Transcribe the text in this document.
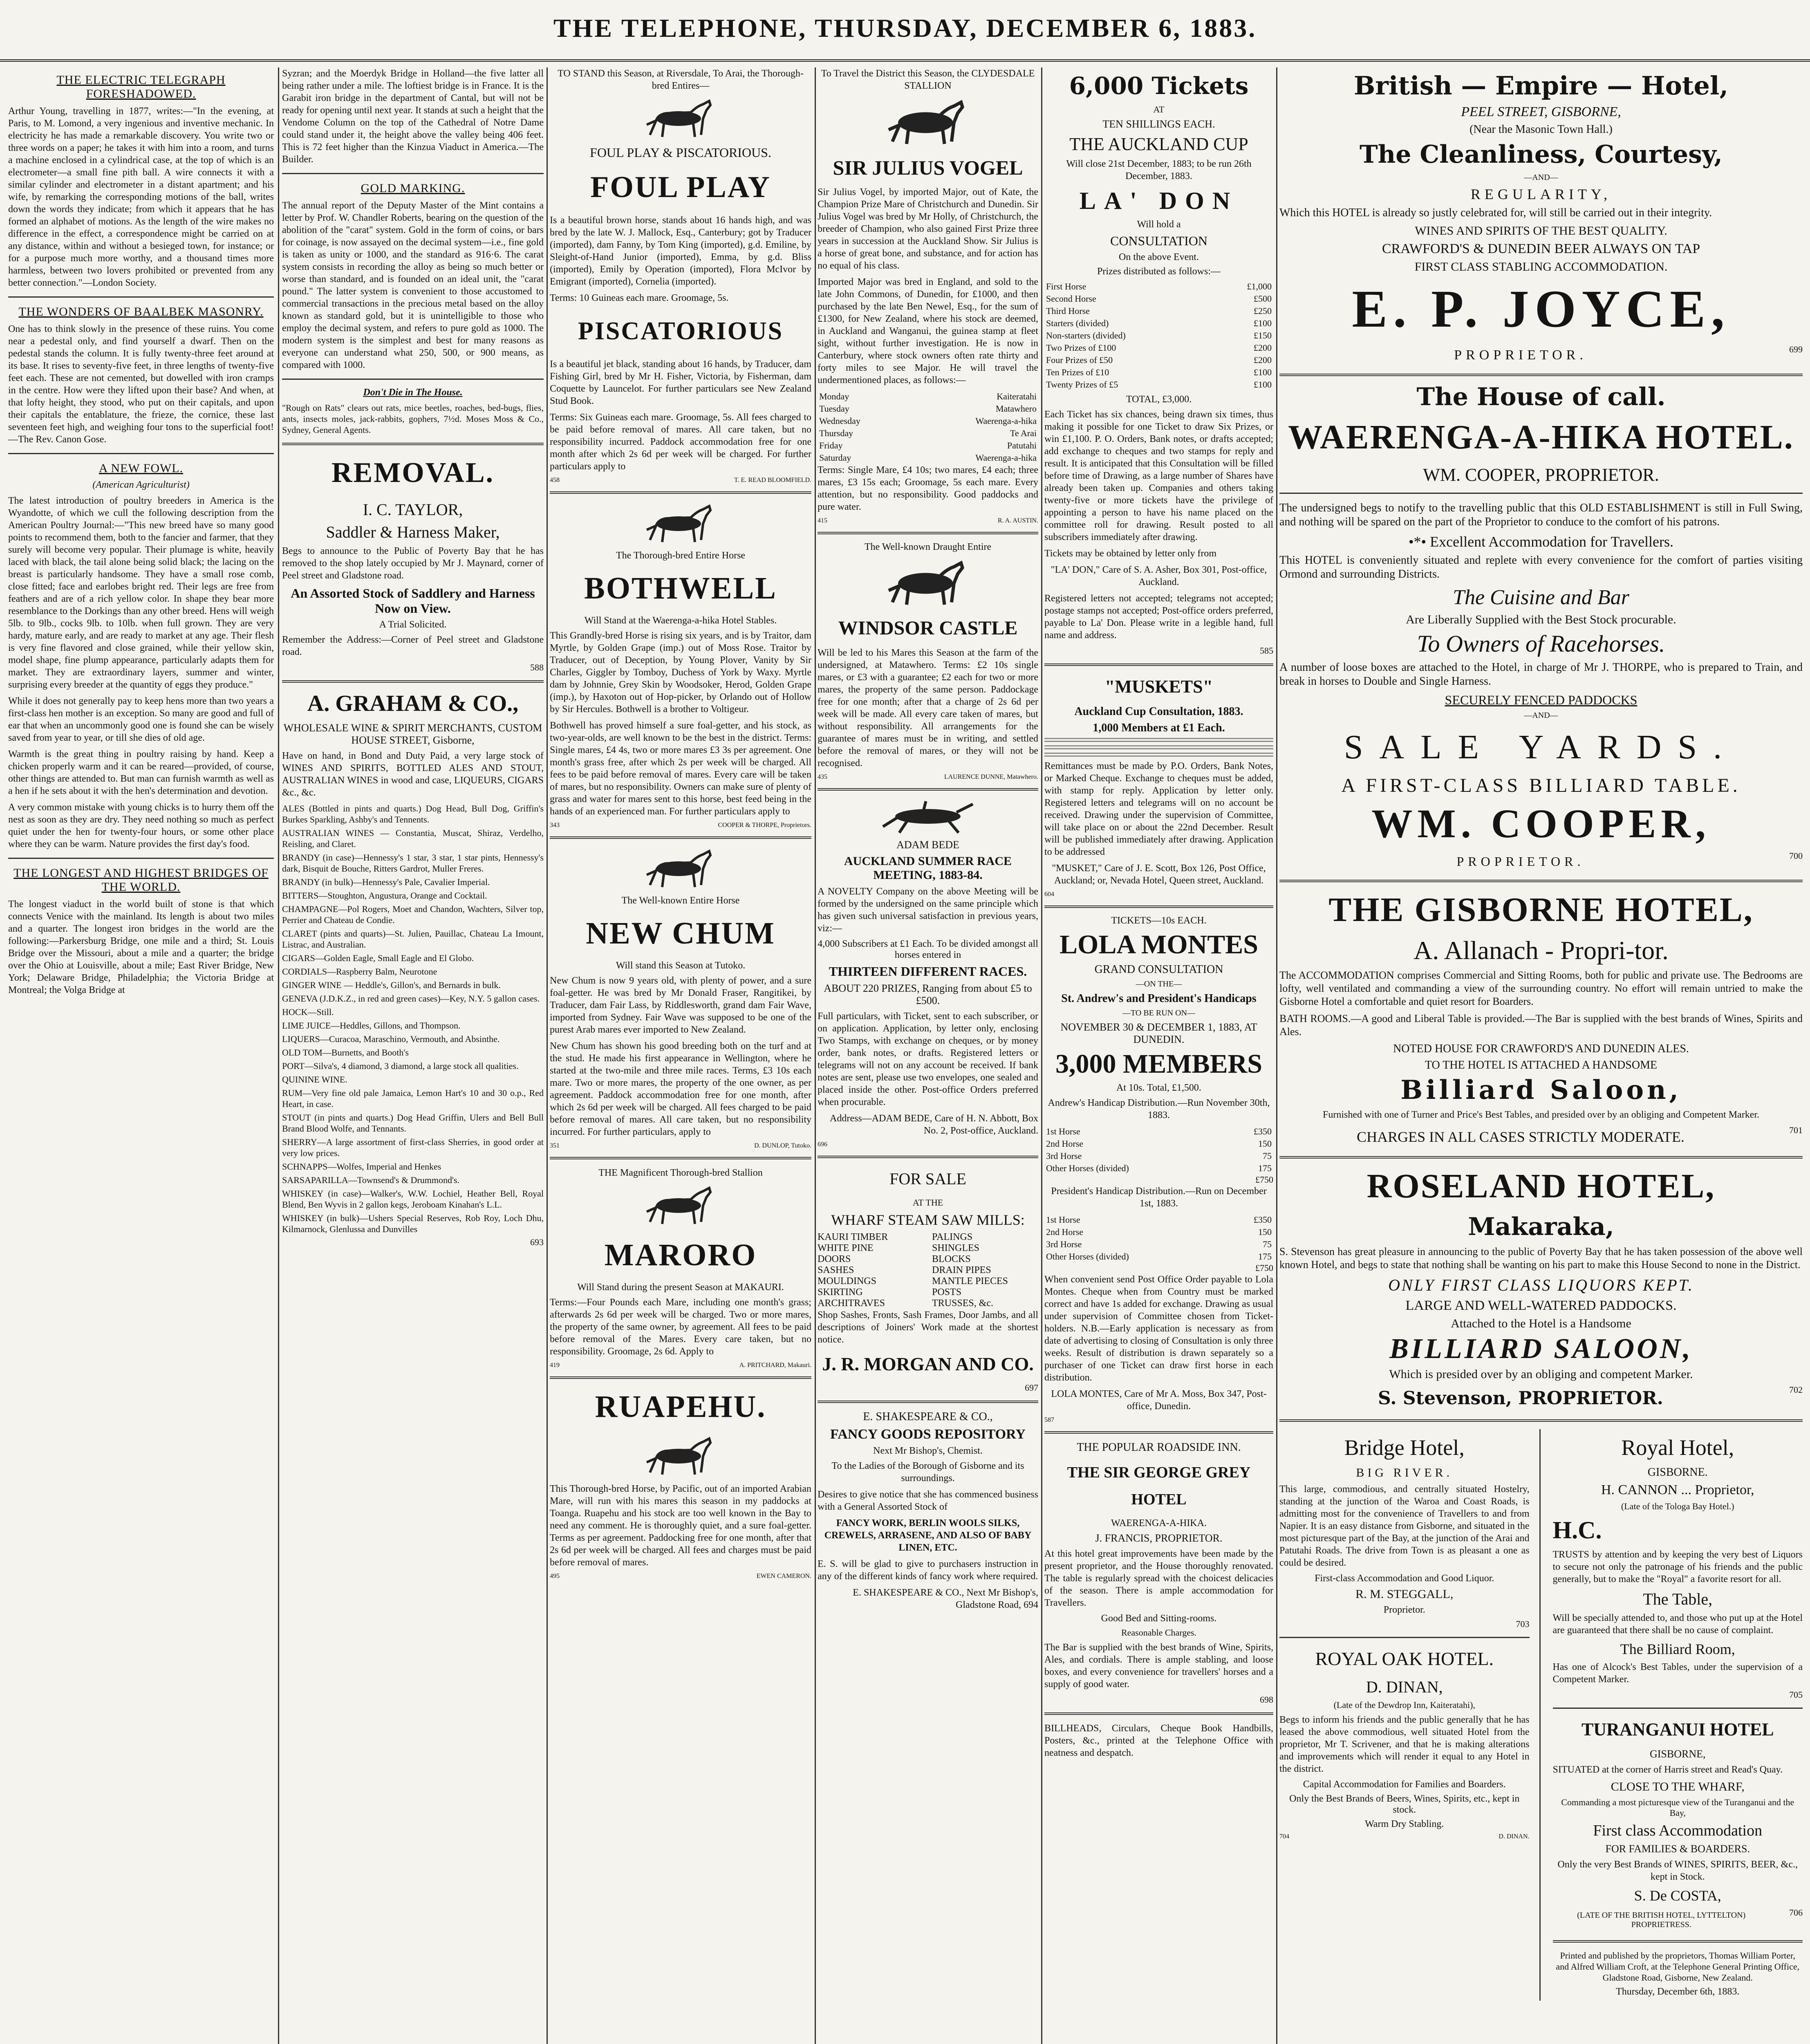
THE TELEPHONE, THURSDAY, DECEMBER 6, 1883.
THE ELECTRIC TELEGRAPH FORESHADOWED.

Arthur Young, travelling in 1877, writes:—"In the evening, at Paris, to M. Lomond, a very ingenious and inventive mechanic. In electricity he has made a remarkable discovery. You write two or three words on a paper; he takes it with him into a room, and turns a machine enclosed in a cylindrical case, at the top of which is an electrometer—a small fine pith ball. A wire connects it with a similar cylinder and electrometer in a distant apartment; and his wife, by remarking the corresponding motions of the ball, writes down the words they indicate; from which it appears that he has formed an alphabet of motions. As the length of the wire makes no difference in the effect, a correspondence might be carried on at any distance, within and without a besieged town, for instance; or for a purpose much more worthy, and a thousand times more harmless, between two lovers prohibited or prevented from any better connection."—London Society.

THE WONDERS OF BAALBEK MASONRY.

One has to think slowly in the presence of these ruins. You come near a pedestal only, and find yourself a dwarf. Then on the pedestal stands the column. It is fully twenty-three feet around at its base. It rises to seventy-five feet, in three lengths of twenty-five feet each. These are not cemented, but dowelled with iron cramps in the centre. How were they lifted upon their base? And when, at that lofty height, they stood, who put on their capitals, and upon their capitals the entablature, the frieze, the cornice, these last seventeen feet high, and weighing four tons to the superficial foot!—The Rev. Canon Gose.

A NEW FOWL.
(American Agriculturist)

The latest introduction of poultry breeders in America is the Wyandotte, of which we cull the following description from the American Poultry Journal:—"This new breed have so many good points to recommend them, both to the fancier and farmer, that they surely will become very popular. Their plumage is white, heavily laced with black, the tail alone being solid black; the lacing on the breast is particularly handsome. They have a small rose comb, close fitted; face and earlobes bright red. Their legs are free from feathers and are of a rich yellow color. In shape they bear more resemblance to the Dorkings than any other breed. Hens will weigh 5lb. to 9lb., cocks 9lb. to 10lb. when full grown. They are very hardy, mature early, and are ready to market at any age. Their flesh is very fine flavored and close grained, while their yellow skin, model shape, fine plump appearance, particularly adapts them for market. They are extraordinary layers, summer and winter, surprising every breeder at the quantity of eggs they produce."

While it does not generally pay to keep hens more than two years a first-class hen mother is an exception. So many are good and full of ear that when an uncommonly good one is found she can be wisely saved from year to year, or till she dies of old age.

Warmth is the great thing in poultry raising by hand. Keep a chicken properly warm and it can be reared—provided, of course, other things are attended to. But man can furnish warmth as well as a hen if he sets about it with the hen's determination and devotion.

A very common mistake with young chicks is to hurry them off the nest as soon as they are dry. They need nothing so much as perfect quiet under the hen for twenty-four hours, or some other place where they can be warm. Nature provides the first day's food.

THE LONGEST AND HIGHEST BRIDGES OF THE WORLD.

The longest viaduct in the world built of stone is that which connects Venice with the mainland. Its length is about two miles and a quarter. The longest iron bridges in the world are the following:—Parkersburg Bridge, one mile and a third; St. Louis Bridge over the Missouri, about a mile and a quarter; the bridge over the Ohio at Louisville, about a mile; East River Bridge, New York; Delaware Bridge, Philadelphia; the Victoria Bridge at Montreal; the Volga Bridge at

Syzran; and the Moerdyk Bridge in Holland—the five latter all being rather under a mile. The loftiest bridge is in France. It is the Garabit iron bridge in the department of Cantal, but will not be ready for opening until next year. It stands at such a height that the Vendome Column on the top of the Cathedral of Notre Dame could stand under it, the height above the valley being 406 feet. This is 72 feet higher than the Kinzua Viaduct in America.—The Builder.

GOLD MARKING.

The annual report of the Deputy Master of the Mint contains a letter by Prof. W. Chandler Roberts, bearing on the question of the abolition of the "carat" system. Gold in the form of coins, or bars for coinage, is now assayed on the decimal system—i.e., fine gold is taken as unity or 1000, and the standard as 916·6. The carat system consists in recording the alloy as being so much better or worse than standard, and is founded on an ideal unit, the "carat pound." The latter system is convenient to those accustomed to commercial transactions in the precious metal based on the alloy known as standard gold, but it is unintelligible to those who employ the decimal system, and refers to pure gold as 1000. The modern system is the simplest and best for many reasons as everyone can understand what 250, 500, or 900 means, as compared with 1000.

Don't Die in The House.

"Rough on Rats" clears out rats, mice beetles, roaches, bed-bugs, flies, ants, insects moles, jack-rabbits, gophers, 7½d. Moses Moss & Co., Sydney, General Agents.

REMOVAL.
I. C. TAYLOR,
Saddler & Harness Maker,

Begs to announce to the Public of Poverty Bay that he has removed to the shop lately occupied by Mr J. Maynard, corner of Peel street and Gladstone road.

An Assorted Stock of Saddlery and Harness Now on View.
A Trial Solicited.

Remember the Address:—Corner of Peel street and Gladstone road.

588
A. GRAHAM & CO.,
WHOLESALE WINE & SPIRIT MERCHANTS, CUSTOM HOUSE STREET, Gisborne,

Have on hand, in Bond and Duty Paid, a very large stock of WINES AND SPIRITS, BOTTLED ALES AND STOUT, AUSTRALIAN WINES in wood and case, LIQUEURS, CIGARS &c., &c.

ALES (Bottled in pints and quarts.) Dog Head, Bull Dog, Griffin's Burkes Sparkling, Ashby's and Tennents.

AUSTRALIAN WINES — Constantia, Muscat, Shiraz, Verdelho, Reisling, and Claret.

BRANDY (in case)—Hennessy's 1 star, 3 star, 1 star pints, Hennessy's dark, Bisquit de Bouche, Ritters Gardrot, Muller Freres.

BRANDY (in bulk)—Hennessy's Pale, Cavalier Imperial.

BITTERS—Stoughton, Angustura, Orange and Cocktail.

CHAMPAGNE—Pol Rogers, Moet and Chandon, Wachters, Silver top, Perrier and Chateau de Condie.

CLARET (pints and quarts)—St. Julien, Pauillac, Chateau La Imount, Listrac, and Australian.

CIGARS—Golden Eagle, Small Eagle and El Globo.

CORDIALS—Raspberry Balm, Neurotone

GINGER WINE — Heddle's, Gillon's, and Bernards in bulk.

GENEVA (J.D.K.Z., in red and green cases)—Key, N.Y. 5 gallon cases.

HOCK—Still.

LIME JUICE—Heddles, Gillons, and Thompson.

LIQUERS—Curacoa, Maraschino, Vermouth, and Absinthe.

OLD TOM—Burnetts, and Booth's

PORT—Silva's, 4 diamond, 3 diamond, a large stock all qualities.

QUININE WINE.

RUM—Very fine old pale Jamaica, Lemon Hart's 10 and 30 o.p., Red Heart, in case.

STOUT (in pints and quarts.) Dog Head Griffin, Ulers and Bell Bull Brand Blood Wolfe, and Tennants.

SHERRY—A large assortment of first-class Sherries, in good order at very low prices.

SCHNAPPS—Wolfes, Imperial and Henkes

SARSAPARILLA—Townsend's & Drummond's.

WHISKEY (in case)—Walker's, W.W. Lochiel, Heather Bell, Royal Blend, Ben Wyvis in 2 gallon kegs, Jeroboam Kinahan's L.L.

WHISKEY (in bulk)—Ushers Special Reserves, Rob Roy, Loch Dhu, Kilmarnock, Glenlussa and Dunvilles

693

TO STAND this Season, at Riversdale, To Arai, the Thorough-bred Entires—

FOUL PLAY & PISCATORIOUS.
FOUL PLAY

Is a beautiful brown horse, stands about 16 hands high, and was bred by the late W. J. Mallock, Esq., Canterbury; got by Traducer (imported), dam Fanny, by Tom King (imported), g.d. Emiline, by Sleight-of-Hand Junior (imported), Emma, by g.d. Bliss (imported), Emily by Operation (imported), Flora McIvor by Emigrant (imported), Cornelia (imported).

Terms: 10 Guineas each mare. Groomage, 5s.

PISCATORIOUS

Is a beautiful jet black, standing about 16 hands, by Traducer, dam Fishing Girl, bred by Mr H. Fisher, Victoria, by Fisherman, dam Coquette by Launcelot. For further particulars see New Zealand Stud Book.

Terms: Six Guineas each mare. Groomage, 5s. All fees charged to be paid before removal of mares. All care taken, but no responsibility incurred. Paddock accommodation free for one month after which 2s 6d per week will be charged. For further particulars apply to

458	T. E. READ BLOOMFIELD.
The Thorough-bred Entire Horse
BOTHWELL
Will Stand at the Waerenga-a-hika Hotel Stables.

This Grandly-bred Horse is rising six years, and is by Traitor, dam Myrtle, by Golden Grape (imp.) out of Moss Rose. Traitor by Traducer, out of Deception, by Young Plover, Vanity by Sir Charles, Giggler by Tomboy, Duchess of York by Waxy. Myrtle dam by Johnnie, Grey Skin by Woodsoker, Herod, Golden Grape (imp.), by Haxoton out of Hop-picker, by Orlando out of Hollow by Sir Hercules. Bothwell is a brother to Voltigeur.

Bothwell has proved himself a sure foal-getter, and his stock, as two-year-olds, are well known to be the best in the district. Terms: Single mares, £4 4s, two or more mares £3 3s per agreement. One month's grass free, after which 2s per week will be charged. All fees to be paid before removal of mares. Every care will be taken of mares, but no responsibility. Owners can make sure of plenty of grass and water for mares sent to this horse, best feed being in the hands of an experienced man. For further particulars apply to

343	COOPER & THORPE, Proprietors.
The Well-known Entire Horse
NEW CHUM
Will stand this Season at Tutoko.

New Chum is now 9 years old, with plenty of power, and a sure foal-getter. He was bred by Mr Donald Fraser, Rangitikei, by Traducer, dam Fair Lass, by Riddlesworth, grand dam Fair Wave, imported from Sydney. Fair Wave was supposed to be one of the purest Arab mares ever imported to New Zealand.

New Chum has shown his good breeding both on the turf and at the stud. He made his first appearance in Wellington, where he started at the two-mile and three mile races. Terms, £3 10s each mare. Two or more mares, the property of the one owner, as per agreement. Paddock accommodation free for one month, after which 2s 6d per week will be charged. All fees charged to be paid before removal of mares. All care taken, but no responsibility incurred. For further particulars, apply to

351	D. DUNLOP, Tutoko.

THE Magnificent Thorough-bred Stallion

MARORO
Will Stand during the present Season at MAKAURI.

Terms:—Four Pounds each Mare, including one month's grass; afterwards 2s 6d per week will be charged. Two or more mares, the property of the same owner, by agreement. All fees to be paid before removal of the Mares. Every care taken, but no responsibility. Groomage, 2s 6d. Apply to

419	A. PRITCHARD, Makauri.
RUAPEHU.

This Thorough-bred Horse, by Pacific, out of an imported Arabian Mare, will run with his mares this season in my paddocks at Toanga. Ruapehu and his stock are too well known in the Bay to need any comment. He is thoroughly quiet, and a sure foal-getter. Terms as per agreement. Paddocking free for one month, after that 2s 6d per week will be charged. All fees and charges must be paid before removal of mares.

495	EWEN CAMERON.

To Travel the District this Season, the CLYDESDALE STALLION

SIR JULIUS VOGEL

Sir Julius Vogel, by imported Major, out of Kate, the Champion Prize Mare of Christchurch and Dunedin. Sir Julius Vogel was bred by Mr Holly, of Christchurch, the breeder of Champion, who also gained First Prize three years in succession at the Auckland Show. Sir Julius is a horse of great bone, and substance, and for action has no equal of his class.

Imported Major was bred in England, and sold to the late John Commons, of Dunedin, for £1000, and then purchased by the late Ben Newel, Esq., for the sum of £1300, for New Zealand, where his stock are deemed, in Auckland and Wanganui, the guinea stamp at fleet sight, without further investigation. He is now in Canterbury, where stock owners often rate thirty and forty miles to see Major. He will travel the undermentioned places, as follows:—

Monday	Kaiteratahi
Tuesday	Matawhero
Wednesday	Waerenga-a-hika
Thursday	Te Arai
Friday	Patutahi
Saturday	Waerenga-a-hika

Terms: Single Mare, £4 10s; two mares, £4 each; three mares, £3 15s each; Groomage, 5s each mare. Every attention, but no responsibility. Good paddocks and pure water.

415	R. A. AUSTIN.
The Well-known Draught Entire
WINDSOR CASTLE

Will be led to his Mares this Season at the farm of the undersigned, at Matawhero. Terms: £2 10s single mares, or £3 with a guarantee; £2 each for two or more mares, the property of the same person. Paddockage free for one month; after that a charge of 2s 6d per week will be made. All every care taken of mares, but without responsibility. All arrangements for the guarantee of mares must be in writing, and settled before the removal of mares, or they will not be recognised.

435	LAURENCE DUNNE, Matawhero.
ADAM BEDE
AUCKLAND SUMMER RACE MEETING, 1883-84.

A NOVELTY Company on the above Meeting will be formed by the undersigned on the same principle which has given such universal satisfaction in previous years, viz:—

4,000 Subscribers at £1 Each. To be divided amongst all horses entered in
THIRTEEN DIFFERENT RACES.
ABOUT 220 PRIZES, Ranging from about £5 to £500.

Full particulars, with Ticket, sent to each subscriber, or on application. Application, by letter only, enclosing Two Stamps, with exchange on cheques, or by money order, bank notes, or drafts. Registered letters or telegrams will not on any account be received. If bank notes are sent, please use two envelopes, one sealed and placed inside the other. Post-office Orders preferred when procurable.

Address—ADAM BEDE, Care of H. N. Abbott, Box No. 2, Post-office, Auckland.

696
FOR SALE
AT THE
WHARF STEAM SAW MILLS:
KAURI TIMBER
WHITE PINE
DOORS
SASHES
MOULDINGS
SKIRTING
ARCHITRAVES
PALINGS
SHINGLES
BLOCKS
DRAIN PIPES
MANTLE PIECES
POSTS
TRUSSES, &c.

Shop Sashes, Fronts, Sash Frames, Door Jambs, and all descriptions of Joiners' Work made at the shortest notice.

J. R. MORGAN AND CO.
697
E. SHAKESPEARE & CO.,
FANCY GOODS REPOSITORY
Next Mr Bishop's, Chemist.

To the Ladies of the Borough of Gisborne and its surroundings.

Desires to give notice that she has commenced business with a General Assorted Stock of

FANCY WORK, BERLIN WOOLS SILKS, CREWELS, ARRASENE, AND ALSO OF BABY LINEN, ETC.

E. S. will be glad to give to purchasers instruction in any of the different kinds of fancy work where required.

E. SHAKESPEARE & CO., Next Mr Bishop's, Gladstone Road, 694

6,000 Tickets
AT
TEN SHILLINGS EACH.
THE AUCKLAND CUP

Will close 21st December, 1883; to be run 26th December, 1883.

LA' DON
Will hold a
CONSULTATION
On the above Event.
Prizes distributed as follows:—
First Horse	£1,000
Second Horse	£500
Third Horse	£250
Starters (divided)	£100
Non-starters (divided)	£150
Two Prizes of £100	£200
Four Prizes of £50	£200
Ten Prizes of £10	£100
Twenty Prizes of £5	£100
TOTAL, £3,000.

Each Ticket has six chances, being drawn six times, thus making it possible for one Ticket to draw Six Prizes, or win £1,100. P. O. Orders, Bank notes, or drafts accepted; add exchange to cheques and two stamps for reply and result. It is anticipated that this Consultation will be filled before time of Drawing, as a large number of Shares have already been taken up. Companies and others taking twenty-five or more tickets have the privilege of appointing a person to have his name placed on the committee roll for drawing. Result posted to all subscribers immediately after drawing.

Tickets may be obtained by letter only from

"LA' DON," Care of S. A. Asher, Box 301, Post-office, Auckland.

Registered letters not accepted; telegrams not accepted; postage stamps not accepted; Post-office orders preferred, payable to La' Don. Please write in a legible hand, full name and address.

585
"MUSKETS"
Auckland Cup Consultation, 1883.
1,000 Members at £1 Each.

Remittances must be made by P.O. Orders, Bank Notes, or Marked Cheque. Exchange to cheques must be added, with stamp for reply. Application by letter only. Registered letters and telegrams will on no account be received. Drawing under the supervision of Committee, will take place on or about the 22nd December. Result will be published immediately after drawing. Application to be addressed

"MUSKET," Care of J. E. Scott, Box 126, Post Office, Auckland; or, Nevada Hotel, Queen street, Auckland.

604
TICKETS—10s EACH.
LOLA MONTES
GRAND CONSULTATION
—ON THE—
St. Andrew's and President's Handicaps
—TO BE RUN ON—
NOVEMBER 30 & DECEMBER 1, 1883, AT DUNEDIN.
3,000 MEMBERS
At 10s. Total, £1,500.

Andrew's Handicap Distribution.—Run November 30th, 1883.

1st Horse	£350
2nd Horse	150
3rd Horse	75
Other Horses (divided)	175
£750

President's Handicap Distribution.—Run on December 1st, 1883.

1st Horse	£350
2nd Horse	150
3rd Horse	75
Other Horses (divided)	175
£750

When convenient send Post Office Order payable to Lola Montes. Cheque when from Country must be marked correct and have 1s added for exchange. Drawing as usual under supervision of Committee chosen from Ticket-holders. N.B.—Early application is necessary as from date of advertising to closing of Consultation is only three weeks. Result of distribution is drawn separately so a purchaser of one Ticket can draw first horse in each distribution.

LOLA MONTES, Care of Mr A. Moss, Box 347, Post-office, Dunedin.

587
THE POPULAR ROADSIDE INN.
THE SIR GEORGE GREY HOTEL
WAERENGA-A-HIKA.
J. FRANCIS, PROPRIETOR.

At this hotel great improvements have been made by the present proprietor, and the House thoroughly renovated. The table is regularly spread with the choicest delicacies of the season. There is ample accommodation for Travellers.

Good Bed and Sitting-rooms.
Reasonable Charges.

The Bar is supplied with the best brands of Wine, Spirits, Ales, and cordials. There is ample stabling, and loose boxes, and every convenience for travellers' horses and a supply of good water.

698

BILLHEADS, Circulars, Cheque Book Handbills, Posters, &c., printed at the Telephone Office with neatness and despatch.

British — Empire — Hotel,
PEEL STREET, GISBORNE,
(Near the Masonic Town Hall.)
The Cleanliness, Courtesy,
—AND—
REGULARITY,

Which this HOTEL is already so justly celebrated for, will still be carried out in their integrity.

WINES AND SPIRITS OF THE BEST QUALITY.
CRAWFORD'S & DUNEDIN BEER ALWAYS ON TAP
FIRST CLASS STABLING ACCOMMODATION.
E. P. JOYCE,
PROPRIETOR.	699
The House of call.
WAERENGA-A-HIKA HOTEL.
WM. COOPER, PROPRIETOR.

The undersigned begs to notify to the travelling public that this OLD ESTABLISHMENT is still in Full Swing, and nothing will be spared on the part of the Proprietor to conduce to the comfort of his patrons.

•*• Excellent Accommodation for Travellers.

This HOTEL is conveniently situated and replete with every convenience for the comfort of parties visiting Ormond and surrounding Districts.

The Cuisine and Bar
Are Liberally Supplied with the Best Stock procurable.
To Owners of Racehorses.

A number of loose boxes are attached to the Hotel, in charge of Mr J. THORPE, who is prepared to Train, and break in horses to Double and Single Harness.

SECURELY FENCED PADDOCKS
—AND—
SALE YARDS.
A FIRST-CLASS BILLIARD TABLE.
WM. COOPER,
PROPRIETOR.	700
THE GISBORNE HOTEL,
A. Allanach - Propri-tor.

The ACCOMMODATION comprises Commercial and Sitting Rooms, both for public and private use. The Bedrooms are lofty, well ventilated and commanding a view of the surrounding country. No effort will remain untried to make the Gisborne Hotel a comfortable and quiet resort for Boarders.

BATH ROOMS.—A good and Liberal Table is provided.—The Bar is supplied with the best brands of Wines, Spirits and Ales.

NOTED HOUSE FOR CRAWFORD'S AND DUNEDIN ALES.
TO THE HOTEL IS ATTACHED A HANDSOME
Billiard Saloon,

Furnished with one of Turner and Price's Best Tables, and presided over by an obliging and Competent Marker.

CHARGES IN ALL CASES STRICTLY MODERATE.	701
ROSELAND HOTEL,
Makaraka,

S. Stevenson has great pleasure in announcing to the public of Poverty Bay that he has taken possession of the above well known Hotel, and begs to state that nothing shall be wanting on his part to make this House Second to none in the District.

ONLY FIRST CLASS LIQUORS KEPT.
LARGE AND WELL-WATERED PADDOCKS.
Attached to the Hotel is a Handsome
BILLIARD SALOON,
Which is presided over by an obliging and competent Marker.
S. Stevenson, PROPRIETOR.	702
Bridge Hotel,
BIG RIVER.

This large, commodious, and centrally situated Hostelry, standing at the junction of the Waroa and Coast Roads, is admitting most for the convenience of Travellers to and from Napier. It is an easy distance from Gisborne, and situated in the most picturesque part of the Bay, at the junction of the Arai and Patutahi Roads. The drive from Town is as pleasant a one as could be desired.

First-class Accommodation and Good Liquor.
R. M. STEGGALL,
Proprietor.
703
ROYAL OAK HOTEL.
D. DINAN,
(Late of the Dewdrop Inn, Kaiteratahi),

Begs to inform his friends and the public generally that he has leased the above commodious, well situated Hotel from the proprietor, Mr T. Scrivener, and that he is making alterations and improvements which will render it equal to any Hotel in the district.

Capital Accommodation for Families and Boarders.
Only the Best Brands of Beers, Wines, Spirits, etc., kept in stock.
Warm Dry Stabling.
704	D. DINAN.
Royal Hotel,
GISBORNE.
H. CANNON ... Proprietor,
(Late of the Tologa Bay Hotel.)
H.C.

TRUSTS by attention and by keeping the very best of Liquors to secure not only the patronage of his friends and the public generally, but to make the "Royal" a favorite resort for all.

The Table,

Will be specially attended to, and those who put up at the Hotel are guaranteed that there shall be no cause of complaint.

The Billiard Room,

Has one of Alcock's Best Tables, under the supervision of a Competent Marker.

705
TURANGANUI HOTEL
GISBORNE,

SITUATED at the corner of Harris street and Read's Quay.

CLOSE TO THE WHARF,
Commanding a most picturesque view of the Turanganui and the Bay,
First class Accommodation
FOR FAMILIES & BOARDERS.

Only the very Best Brands of WINES, SPIRITS, BEER, &c., kept in Stock.

S. De COSTA,
(LATE OF THE BRITISH HOTEL, LYTTELTON) PROPRIETRESS.
706

Printed and published by the proprietors, Thomas William Porter, and Alfred William Croft, at the Telephone General Printing Office, Gladstone Road, Gisborne, New Zealand.

Thursday, December 6th, 1883.
